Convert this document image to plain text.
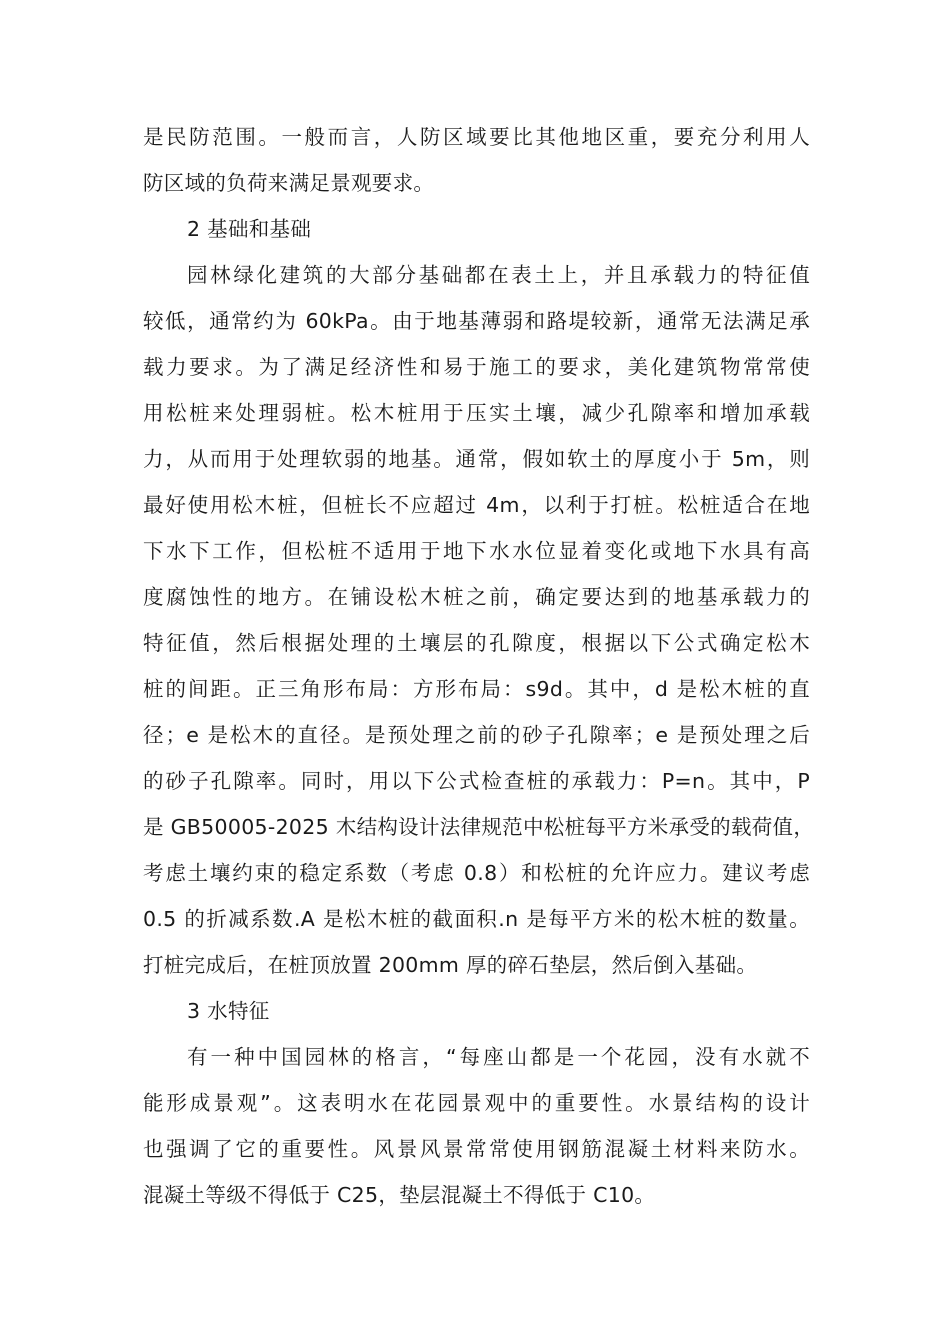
是民防范围。一般而言，人防区域要比其他地区重，要充分利用人
防区域的负荷来满足景观要求。
2 基础和基础
园林绿化建筑的大部分基础都在表土上，并且承载力的特征值
较低，通常约为 60kPa。由于地基薄弱和路堤较新，通常无法满足承
载力要求。为了满足经济性和易于施工的要求，美化建筑物常常使
用松桩来处理弱桩。松木桩用于压实土壤，减少孔隙率和增加承载
力，从而用于处理软弱的地基。通常，假如软土的厚度小于 5m，则
最好使用松木桩，但桩长不应超过 4m，以利于打桩。松桩适合在地
下水下工作，但松桩不适用于地下水水位显着变化或地下水具有高
度腐蚀性的地方。在铺设松木桩之前，确定要达到的地基承载力的
特征值，然后根据处理的土壤层的孔隙度，根据以下公式确定松木
桩的间距。正三角形布局：方形布局：s9d。其中，d 是松木桩的直
径；e 是松木的直径。是预处理之前的砂子孔隙率；e 是预处理之后
的砂子孔隙率。同时，用以下公式检查桩的承载力：P=n。其中，P
是 GB50005-2025 木结构设计法律规范中松桩每平方米承受的载荷值，
考虑土壤约束的稳定系数（考虑 0.8）和松桩的允许应力。建议考虑
0.5 的折减系数.A 是松木桩的截面积.n 是每平方米的松木桩的数量。
打桩完成后，在桩顶放置 200mm 厚的碎石垫层，然后倒入基础。
3 水特征
有一种中国园林的格言，“每座山都是一个花园，没有水就不
能形成景观”。这表明水在花园景观中的重要性。水景结构的设计
也强调了它的重要性。风景风景常常使用钢筋混凝土材料来防水。
混凝土等级不得低于 C25，垫层混凝土不得低于 C10。
